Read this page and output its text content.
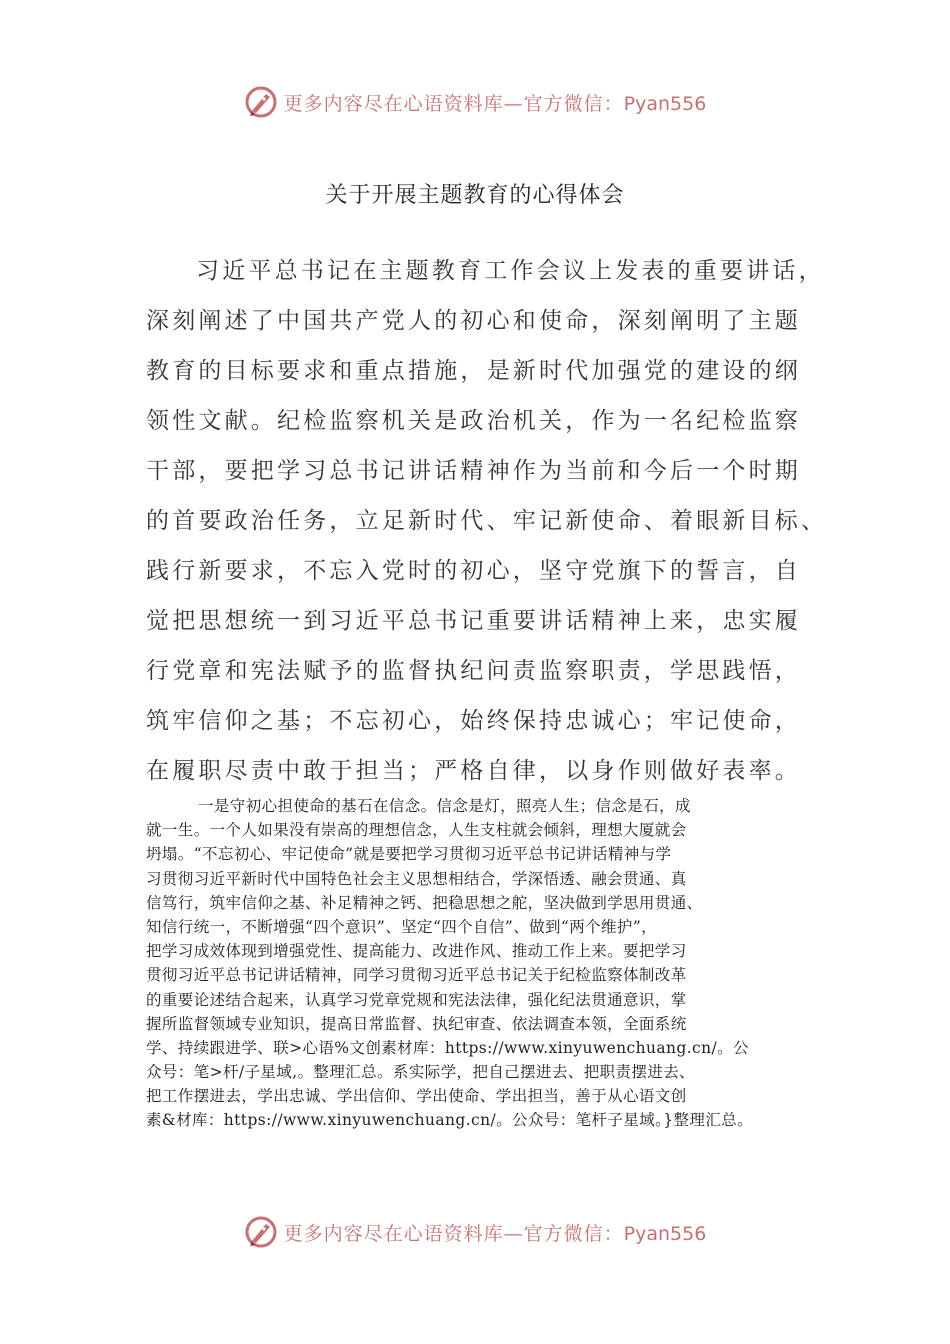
更多内容尽在心语资料库—官方微信：Pyan556
关于开展主题教育的心得体会
习近平总书记在主题教育工作会议上发表的重要讲话，
深刻阐述了中国共产党人的初心和使命，深刻阐明了主题
教育的目标要求和重点措施，是新时代加强党的建设的纲
领性文献。纪检监察机关是政治机关，作为一名纪检监察
干部，要把学习总书记讲话精神作为当前和今后一个时期
的首要政治任务，立足新时代、牢记新使命、着眼新目标、
践行新要求，不忘入党时的初心，坚守党旗下的誓言，自
觉把思想统一到习近平总书记重要讲话精神上来，忠实履
行党章和宪法赋予的监督执纪问责监察职责，学思践悟，
筑牢信仰之基；不忘初心，始终保持忠诚心；牢记使命，
在履职尽责中敢于担当；严格自律，以身作则做好表率。
一是守初心担使命的基石在信念。信念是灯，照亮人生；信念是石，成
就一生。一个人如果没有崇高的理想信念，人生支柱就会倾斜，理想大厦就会
坍塌。“不忘初心、牢记使命”就是要把学习贯彻习近平总书记讲话精神与学
习贯彻习近平新时代中国特色社会主义思想相结合，学深悟透、融会贯通、真
信笃行，筑牢信仰之基、补足精神之钙、把稳思想之舵，坚决做到学思用贯通、
知信行统一，不断增强“四个意识”、坚定“四个自信”、做到“两个维护”，
把学习成效体现到增强党性、提高能力、改进作风、推动工作上来。要把学习
贯彻习近平总书记讲话精神，同学习贯彻习近平总书记关于纪检监察体制改革
的重要论述结合起来，认真学习党章党规和宪法法律，强化纪法贯通意识，掌
握所监督领域专业知识，提高日常监督、执纪审查、依法调查本领，全面系统
学、持续跟进学、联>心语%文创素材库：https://www.xinyuwenchuang.cn/。公
众号：笔>杆/子星域,。整理汇总。系实际学，把自己摆进去、把职责摆进去、
把工作摆进去，学出忠诚、学出信仰、学出使命、学出担当，善于从心语文创
素&材库：https://www.xinyuwenchuang.cn/。公众号：笔杆子星域。}整理汇总。
更多内容尽在心语资料库—官方微信：Pyan556
